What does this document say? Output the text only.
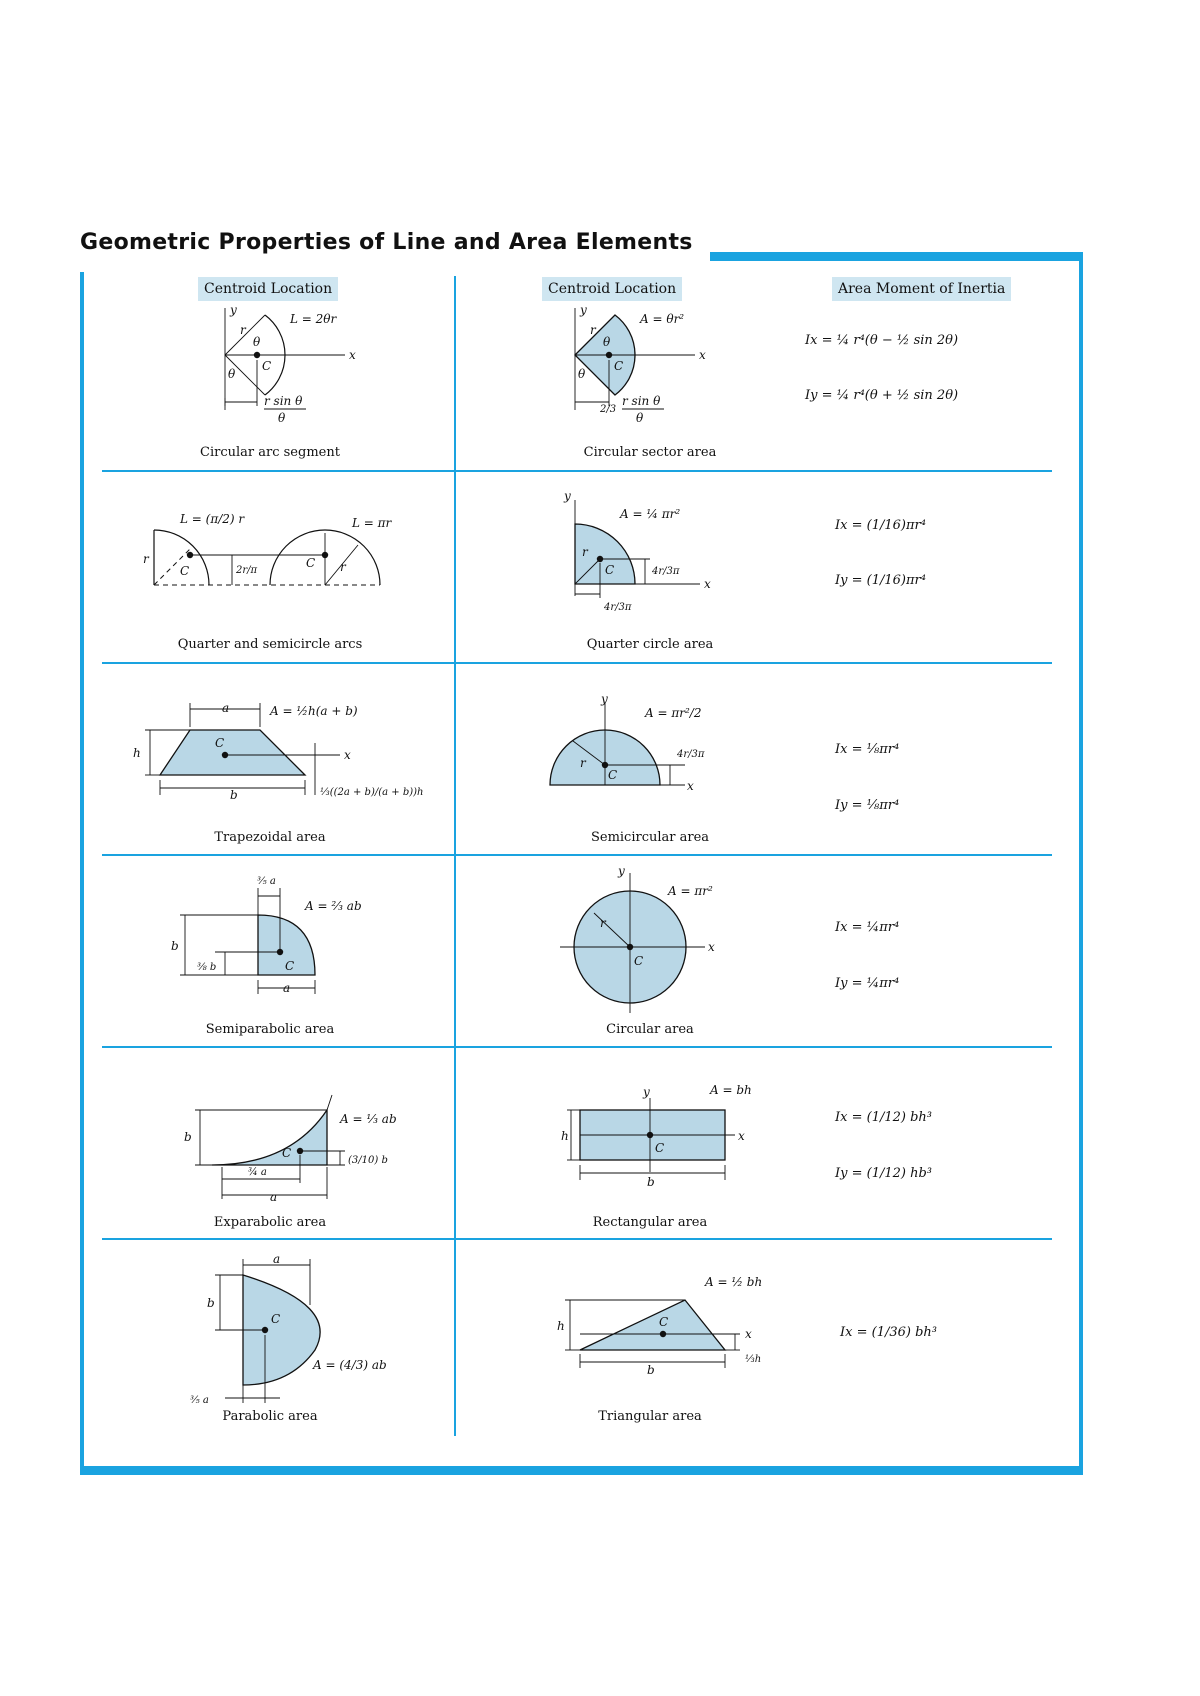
Geometric Properties of Line and Area Elements
Centroid Location	Centroid Location	Area Moment of Inertia
y
x
L = 2θr
r
θ
θ
C
r sin θ
θ
Circular arc segment
y
x
A = θr²
r
θ
θ
C
2/3
r sin θ
θ
Circular sector area
Ix = ¼ r⁴(θ − ½ sin 2θ)
Iy = ¼ r⁴(θ + ½ sin 2θ)
L = (π/2) r	L = πr
r
C	2r/π
C r
Quarter and semicircle arcs
y
x
A = ¼ πr²
r
C	4r/3π
4r/3π
Quarter circle area
Ix = (1/16)πr⁴
Iy = (1/16)πr⁴
A = ½h(a + b)
a
b
h
C
x
⅓((2a + b)/(a + b))h
Trapezoidal area
y
x
A = πr²/2
r
C
4r/3π
Semicircular area
Ix = ⅛πr⁴
Iy = ⅛πr⁴
⅗ a
A = ⅔ ab
b
⅜ b	C
a
Semiparabolic area
y
x
A = πr²
r
C
Circular area
Ix = ¼πr⁴
Iy = ¼πr⁴
A = ⅓ ab
b
C
(3/10) b
¾ a
a
Exparabolic area
y
x
A = bh
h
C
b
Rectangular area
Ix = (1/12) bh³
Iy = (1/12) hb³
a
b
C
A = (4/3) ab
⅗ a
Parabolic area
A = ½ bh
h	C
x
⅓h
b
Triangular area
Ix = (1/36) bh³
